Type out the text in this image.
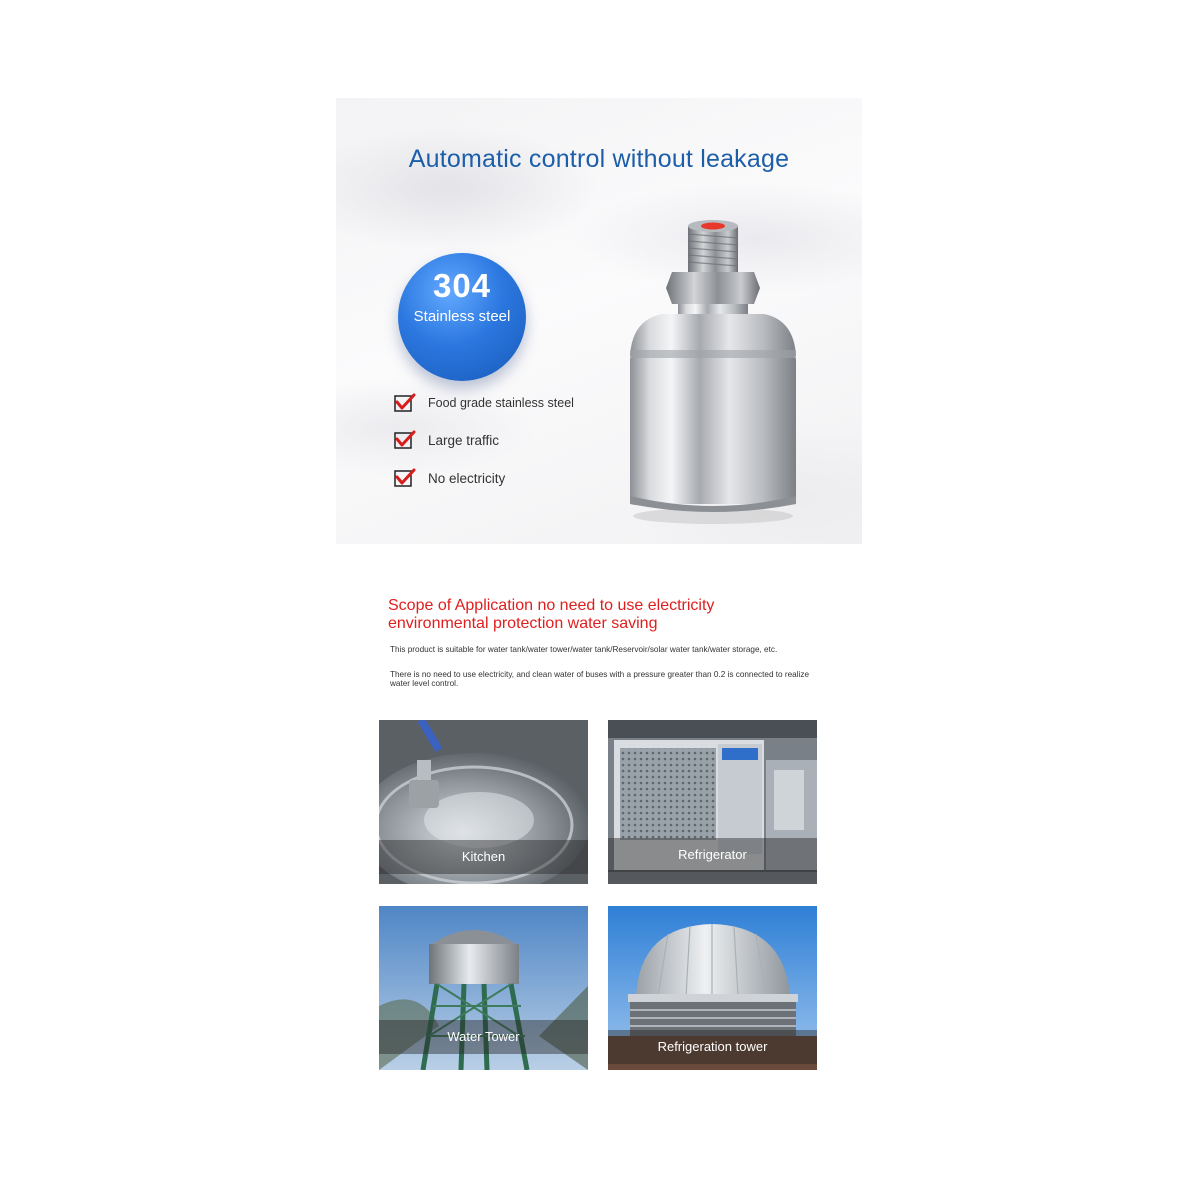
Automatic control without leakage
304
Stainless steel
Food grade stainless steel
Large traffic
No electricity
Scope of Application no need to use electricity
environmental protection water saving
This product is suitable for water tank/water tower/water tank/Reservoir/solar water tank/water storage, etc.
There is no need to use electricity, and clean water of buses with a pressure greater than 0.2 is connected to realize water level control.
Kitchen	Refrigerator
Water Tower
Refrigeration tower
